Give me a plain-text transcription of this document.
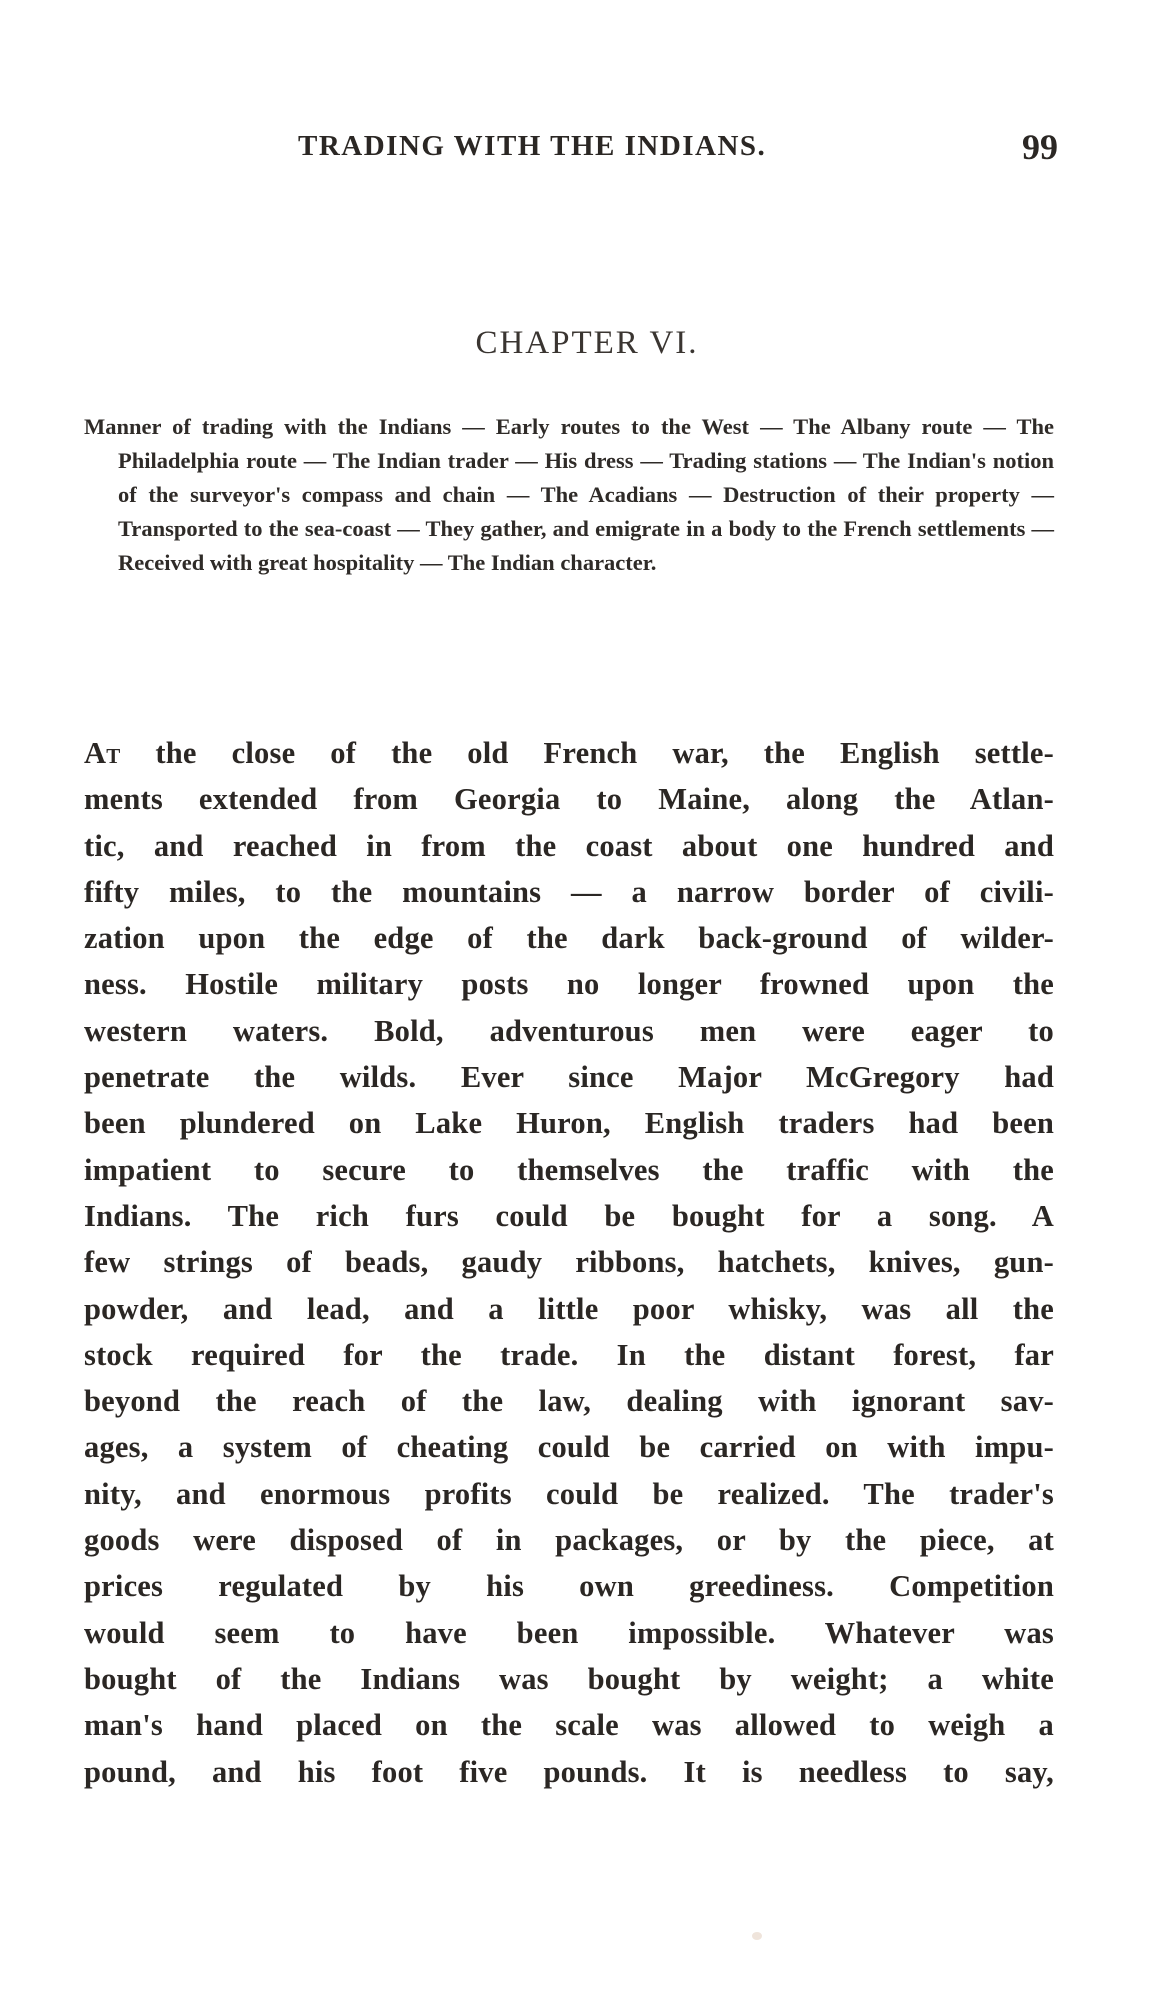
TRADING WITH THE INDIANS.	99
CHAPTER VI.
Manner of trading with the Indians — Early routes to the West — The Albany route — The Philadelphia route — The Indian trader — His dress — Trading stations — The Indian's notion of the surveyor's compass and chain — The Acadians — Destruction of their property — Transported to the sea-coast — They gather, and emigrate in a body to the French settlements — Received with great hospitality — The Indian character.
At the close of the old French war, the English settle-
ments extended from Georgia to Maine, along the Atlan-
tic, and reached in from the coast about one hundred and
fifty miles, to the mountains — a narrow border of civili-
zation upon the edge of the dark back-ground of wilder-
ness. Hostile military posts no longer frowned upon the
western waters. Bold, adventurous men were eager to
penetrate the wilds. Ever since Major McGregory had
been plundered on Lake Huron, English traders had been
impatient to secure to themselves the traffic with the
Indians. The rich furs could be bought for a song. A
few strings of beads, gaudy ribbons, hatchets, knives, gun-
powder, and lead, and a little poor whisky, was all the
stock required for the trade. In the distant forest, far
beyond the reach of the law, dealing with ignorant sav-
ages, a system of cheating could be carried on with impu-
nity, and enormous profits could be realized. The trader's
goods were disposed of in packages, or by the piece, at
prices regulated by his own greediness. Competition
would seem to have been impossible. Whatever was
bought of the Indians was bought by weight; a white
man's hand placed on the scale was allowed to weigh a
pound, and his foot five pounds. It is needless to say,
